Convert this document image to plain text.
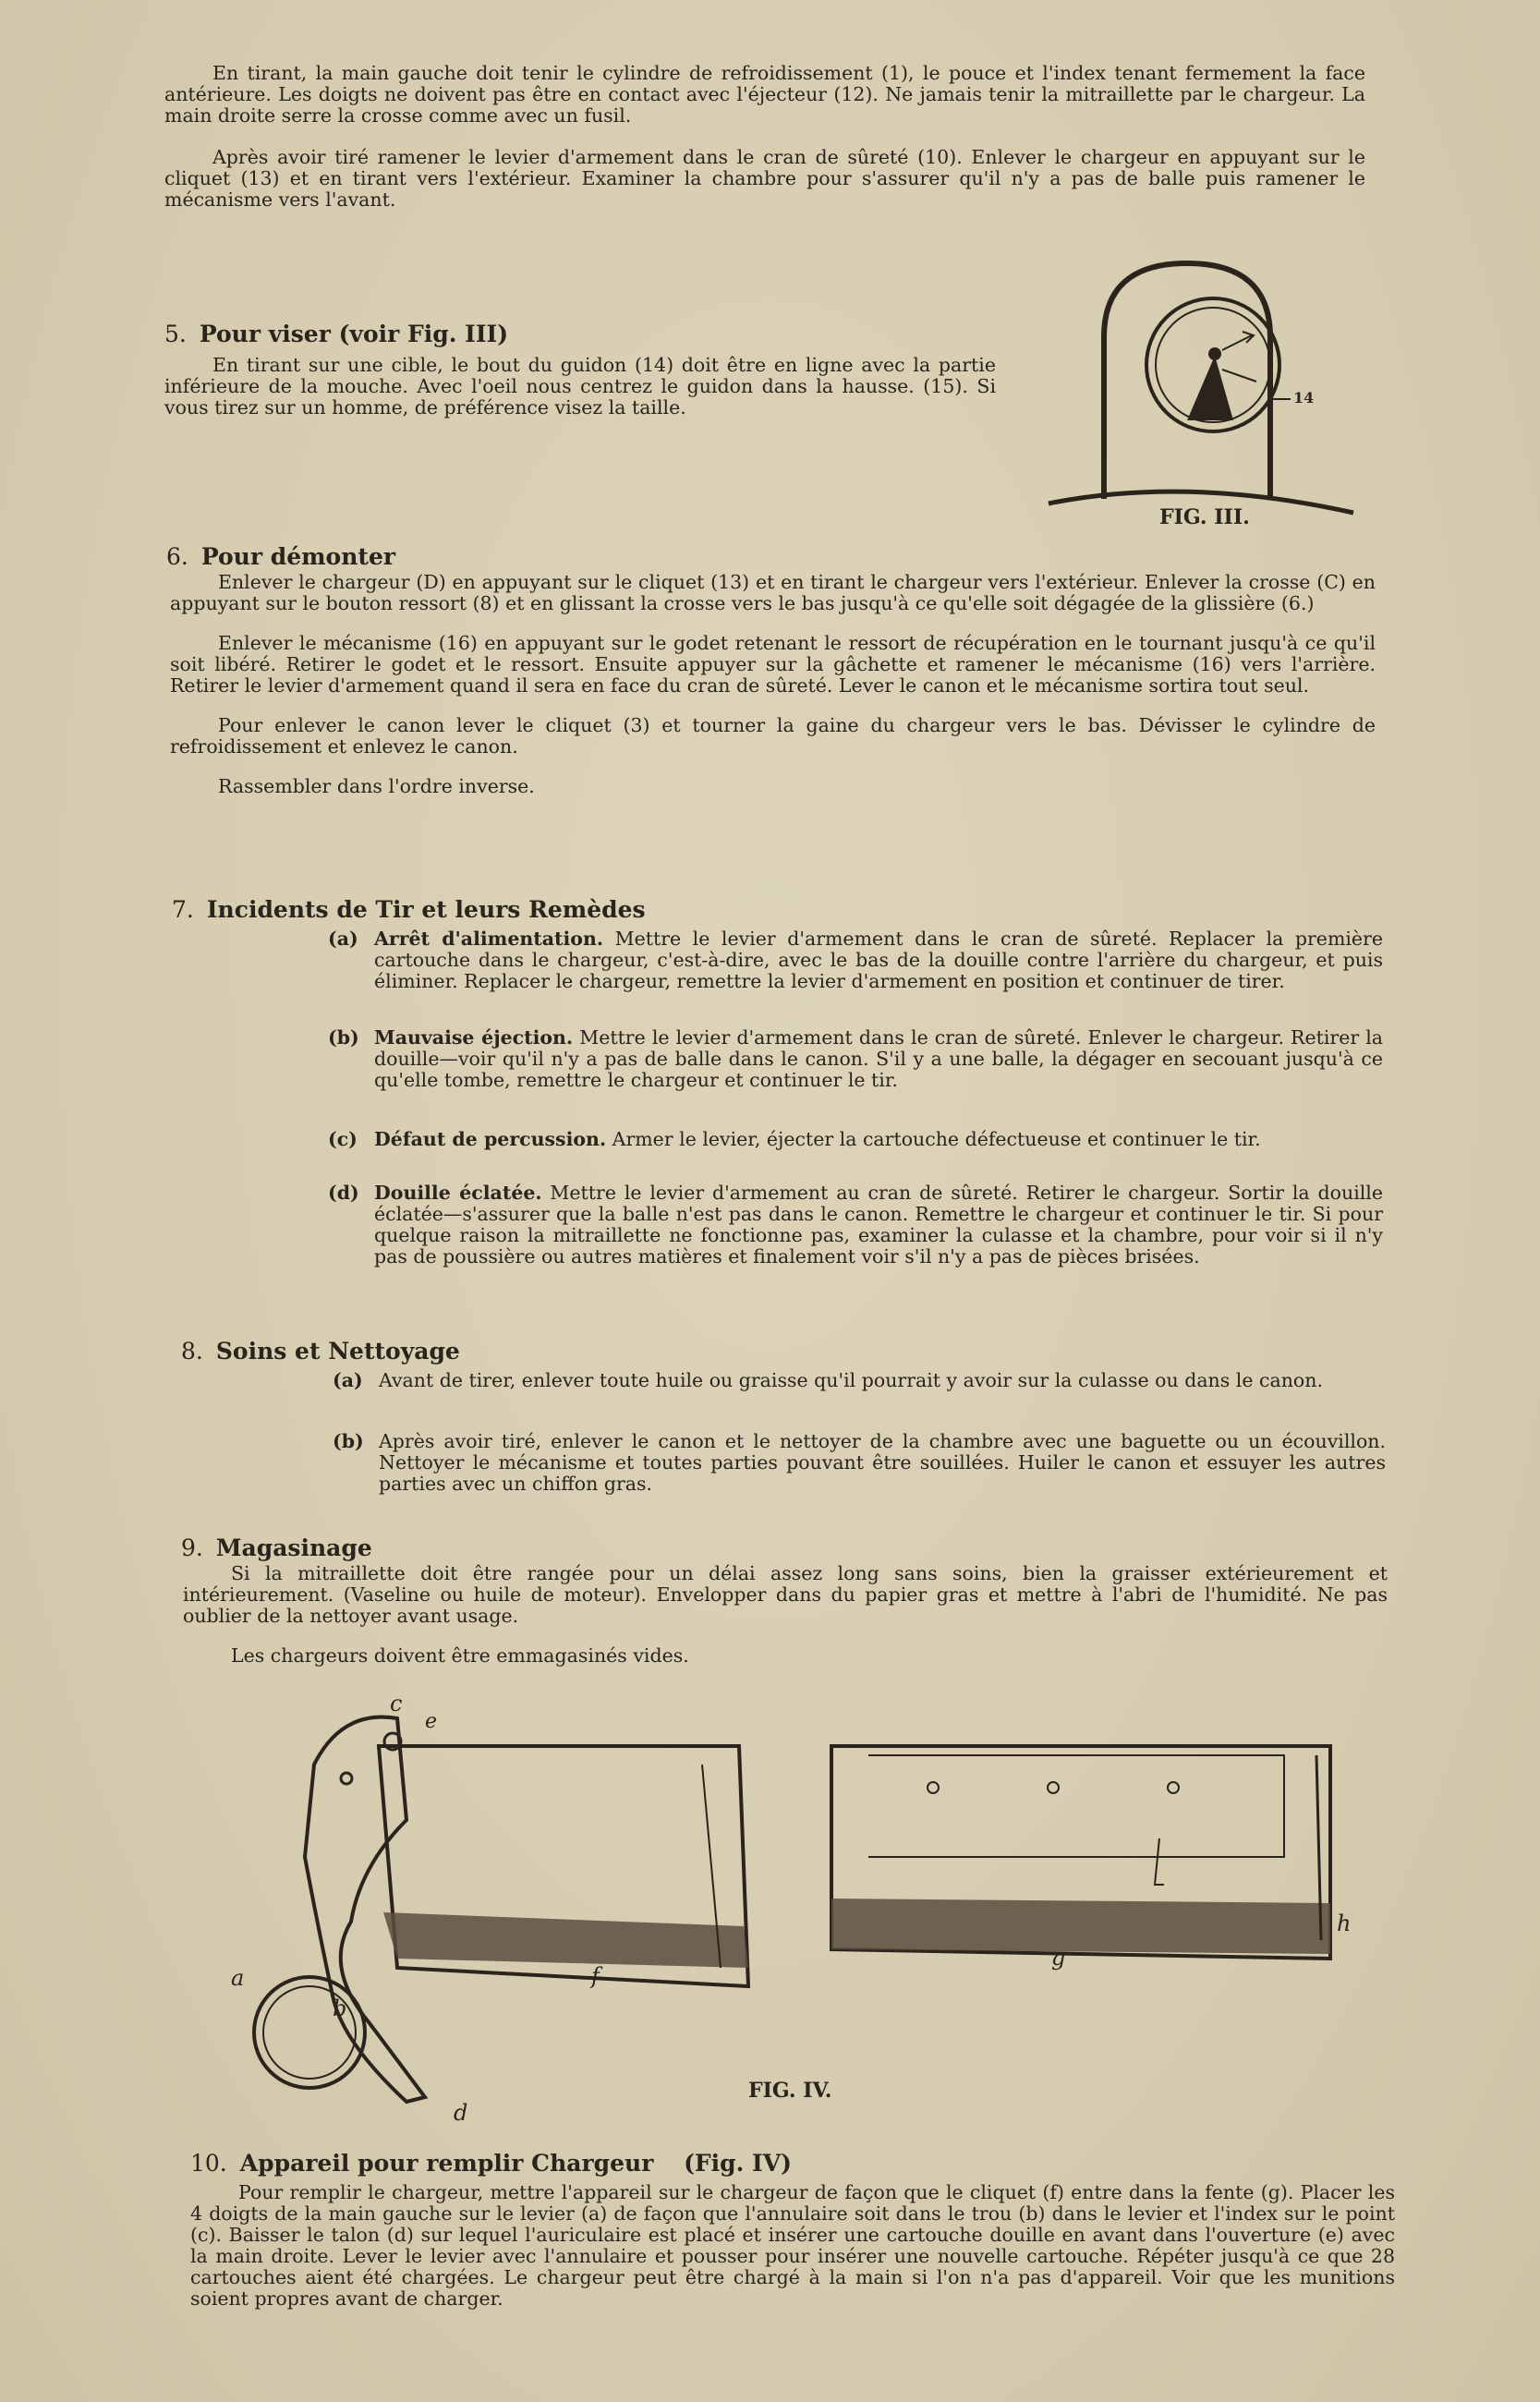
En tirant, la main gauche doit tenir le cylindre de refroidissement (1), le pouce et l'index tenant fermement la face antérieure. Les doigts ne doivent pas être en contact avec l'éjecteur (12). Ne jamais tenir la mitraillette par le chargeur. La main droite serre la crosse comme avec un fusil.

Après avoir tiré ramener le levier d'armement dans le cran de sûreté (10). Enlever le chargeur en appuyant sur le cliquet (13) et en tirant vers l'extérieur. Examiner la chambre pour s'assurer qu'il n'y a pas de balle puis ramener le mécanisme vers l'avant.

5. Pour viser (voir Fig. III)

En tirant sur une cible, le bout du guidon (14) doit être en ligne avec la partie inférieure de la mouche. Avec l'oeil nous centrez le guidon dans la hausse. (15). Si vous tirez sur un homme, de préférence visez la taille.	14
FIG. III.
6. Pour démonter

Enlever le chargeur (D) en appuyant sur le cliquet (13) et en tirant le chargeur vers l'extérieur. Enlever la crosse (C) en appuyant sur le bouton ressort (8) et en glissant la crosse vers le bas jusqu'à ce qu'elle soit dégagée de la glissière (6.)

Enlever le mécanisme (16) en appuyant sur le godet retenant le ressort de récupération en le tournant jusqu'à ce qu'il soit libéré. Retirer le godet et le ressort. Ensuite appuyer sur la gâchette et ramener le mécanisme (16) vers l'arrière. Retirer le levier d'armement quand il sera en face du cran de sûreté. Lever le canon et le mécanisme sortira tout seul.

Pour enlever le canon lever le cliquet (3) et tourner la gaine du chargeur vers le bas. Dévisser le cylindre de refroidissement et enlevez le canon.

Rassembler dans l'ordre inverse.

7. Incidents de Tir et leurs Remèdes
(a) Arrêt d'alimentation. Mettre le levier d'armement dans le cran de sûreté. Replacer la première cartouche dans le chargeur, c'est-à-dire, avec le bas de la douille contre l'arrière du chargeur, et puis éliminer. Replacer le chargeur, remettre la levier d'armement en position et continuer de tirer.
(b) Mauvaise éjection. Mettre le levier d'armement dans le cran de sûreté. Enlever le chargeur. Retirer la douille—voir qu'il n'y a pas de balle dans le canon. S'il y a une balle, la dégager en secouant jusqu'à ce qu'elle tombe, remettre le chargeur et continuer le tir.
(c) Défaut de percussion. Armer le levier, éjecter la cartouche défectueuse et continuer le tir.
(d) Douille éclatée. Mettre le levier d'armement au cran de sûreté. Retirer le chargeur. Sortir la douille éclatée—s'assurer que la balle n'est pas dans le canon. Remettre le chargeur et continuer le tir. Si pour quelque raison la mitraillette ne fonctionne pas, examiner la culasse et la chambre, pour voir si il n'y pas de poussière ou autres matières et finalement voir s'il n'y a pas de pièces brisées.
8. Soins et Nettoyage
(a) Avant de tirer, enlever toute huile ou graisse qu'il pourrait y avoir sur la culasse ou dans le canon.
(b) Après avoir tiré, enlever le canon et le nettoyer de la chambre avec une baguette ou un écouvillon. Nettoyer le mécanisme et toutes parties pouvant être souillées. Huiler le canon et essuyer les autres parties avec un chiffon gras.
9. Magasinage

Si la mitraillette doit être rangée pour un délai assez long sans soins, bien la graisser extérieurement et intérieurement. (Vaseline ou huile de moteur). Envelopper dans du papier gras et mettre à l'abri de l'humidité. Ne pas oublier de la nettoyer avant usage.

Les chargeurs doivent être emmagasinés vides.

c
e
a
b
f
d
g
h
FIG. IV.
10. Appareil pour remplir Chargeur (Fig. IV)

Pour remplir le chargeur, mettre l'appareil sur le chargeur de façon que le cliquet (f) entre dans la fente (g). Placer les 4 doigts de la main gauche sur le levier (a) de façon que l'annulaire soit dans le trou (b) dans le levier et l'index sur le point (c). Baisser le talon (d) sur lequel l'auriculaire est placé et insérer une cartouche douille en avant dans l'ouverture (e) avec la main droite. Lever le levier avec l'annulaire et pousser pour insérer une nouvelle cartouche. Répéter jusqu'à ce que 28 cartouches aient été chargées. Le chargeur peut être chargé à la main si l'on n'a pas d'appareil. Voir que les munitions soient propres avant de charger.
